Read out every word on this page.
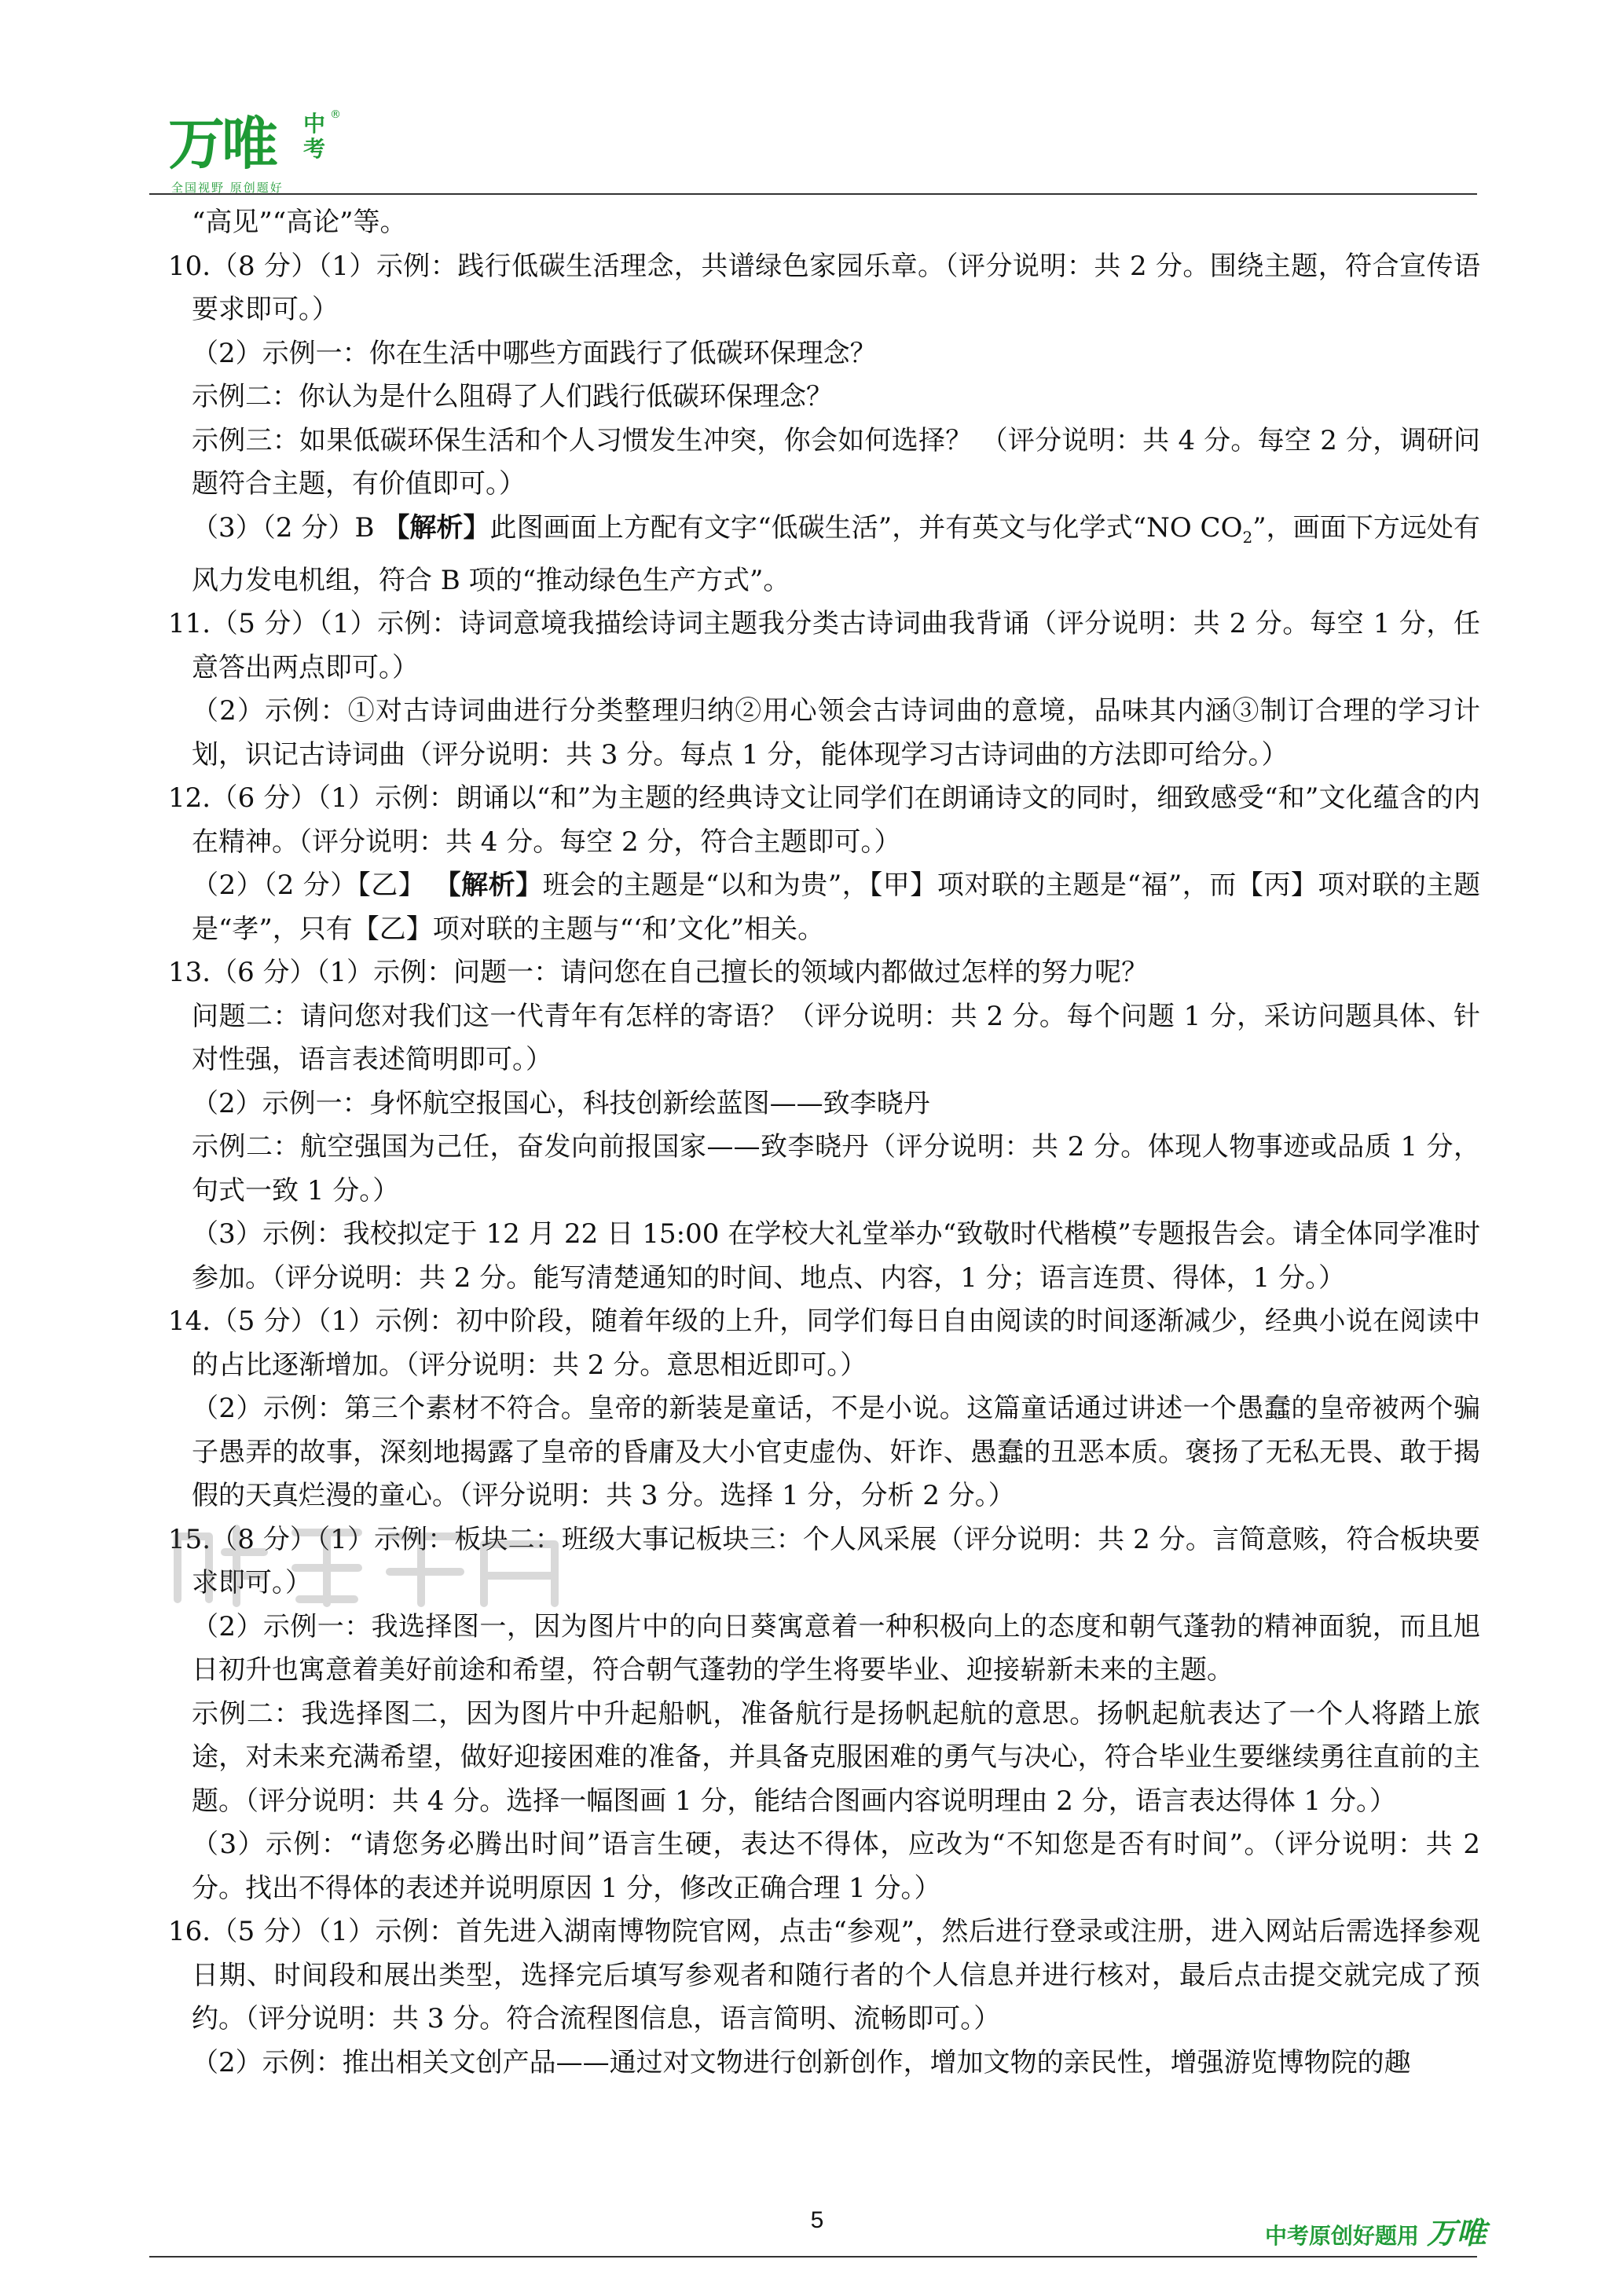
万唯 中考
®
全国视野 原创题好

“高见”“高论”等。

10.（8 分）（1）示例：践行低碳生活理念，共谱绿色家园乐章。（评分说明：共 2 分。围绕主题，符合宣传语要求即可。）

（2）示例一：你在生活中哪些方面践行了低碳环保理念？

示例二：你认为是什么阻碍了人们践行低碳环保理念？

示例三：如果低碳环保生活和个人习惯发生冲突，你会如何选择？ （评分说明：共 4 分。每空 2 分，调研问题符合主题，有价值即可。）

（3）（2 分）B 【解析】此图画面上方配有文字“低碳生活”，并有英文与化学式“NO $CO_2$”，画面下方远处有风力发电机组，符合 B 项的“推动绿色生产方式”。

11.（5 分）（1）示例：诗词意境我描绘诗词主题我分类古诗词曲我背诵（评分说明：共 2 分。每空 1 分，任意答出两点即可。）

（2）示例：①对古诗词曲进行分类整理归纳②用心领会古诗词曲的意境，品味其内涵③制订合理的学习计划，识记古诗词曲（评分说明：共 3 分。每点 1 分，能体现学习古诗词曲的方法即可给分。）

12.（6 分）（1）示例：朗诵以“和”为主题的经典诗文让同学们在朗诵诗文的同时，细致感受“和”文化蕴含的内在精神。（评分说明：共 4 分。每空 2 分，符合主题即可。）

（2）（2 分）【乙】 【解析】班会的主题是“以和为贵”，【甲】项对联的主题是“福”，而【丙】项对联的主题是“孝”，只有【乙】项对联的主题与“‘和’文化”相关。

13.（6 分）（1）示例：问题一：请问您在自己擅长的领域内都做过怎样的努力呢？

问题二：请问您对我们这一代青年有怎样的寄语？（评分说明：共 2 分。每个问题 1 分，采访问题具体、针对性强，语言表述简明即可。）

（2）示例一：身怀航空报国心，科技创新绘蓝图——致李晓丹

示例二：航空强国为己任，奋发向前报国家——致李晓丹（评分说明：共 2 分。体现人物事迹或品质 1 分，句式一致 1 分。）

（3）示例：我校拟定于 12 月 22 日 15:00 在学校大礼堂举办“致敬时代楷模”专题报告会。请全体同学准时参加。（评分说明：共 2 分。能写清楚通知的时间、地点、内容，1 分；语言连贯、得体，1 分。）

14.（5 分）（1）示例：初中阶段，随着年级的上升，同学们每日自由阅读的时间逐渐减少，经典小说在阅读中的占比逐渐增加。（评分说明：共 2 分。意思相近即可。）

（2）示例：第三个素材不符合。皇帝的新装是童话，不是小说。这篇童话通过讲述一个愚蠢的皇帝被两个骗子愚弄的故事，深刻地揭露了皇帝的昏庸及大小官吏虚伪、奸诈、愚蠢的丑恶本质。褒扬了无私无畏、敢于揭假的天真烂漫的童心。（评分说明：共 3 分。选择 1 分，分析 2 分。）

15.（8 分）（1）示例：板块二：班级大事记板块三：个人风采展（评分说明：共 2 分。言简意赅，符合板块要求即可。）

（2）示例一：我选择图一，因为图片中的向日葵寓意着一种积极向上的态度和朝气蓬勃的精神面貌，而且旭日初升也寓意着美好前途和希望，符合朝气蓬勃的学生将要毕业、迎接崭新未来的主题。

示例二：我选择图二，因为图片中升起船帆，准备航行是扬帆起航的意思。扬帆起航表达了一个人将踏上旅途，对未来充满希望，做好迎接困难的准备，并具备克服困难的勇气与决心，符合毕业生要继续勇往直前的主题。（评分说明：共 4 分。选择一幅图画 1 分，能结合图画内容说明理由 2 分，语言表达得体 1 分。）

（3）示例：“请您务必腾出时间”语言生硬，表达不得体，应改为“不知您是否有时间”。（评分说明：共 2 分。找出不得体的表述并说明原因 1 分，修改正确合理 1 分。）

16.（5 分）（1）示例：首先进入湖南博物院官网，点击“参观”，然后进行登录或注册，进入网站后需选择参观日期、时间段和展出类型，选择完后填写参观者和随行者的个人信息并进行核对，最后点击提交就完成了预约。（评分说明：共 3 分。符合流程图信息，语言简明、流畅即可。）

（2）示例：推出相关文创产品——通过对文物进行创新创作，增加文物的亲民性，增强游览博物院的趣

5
中考原创好题用 万唯
